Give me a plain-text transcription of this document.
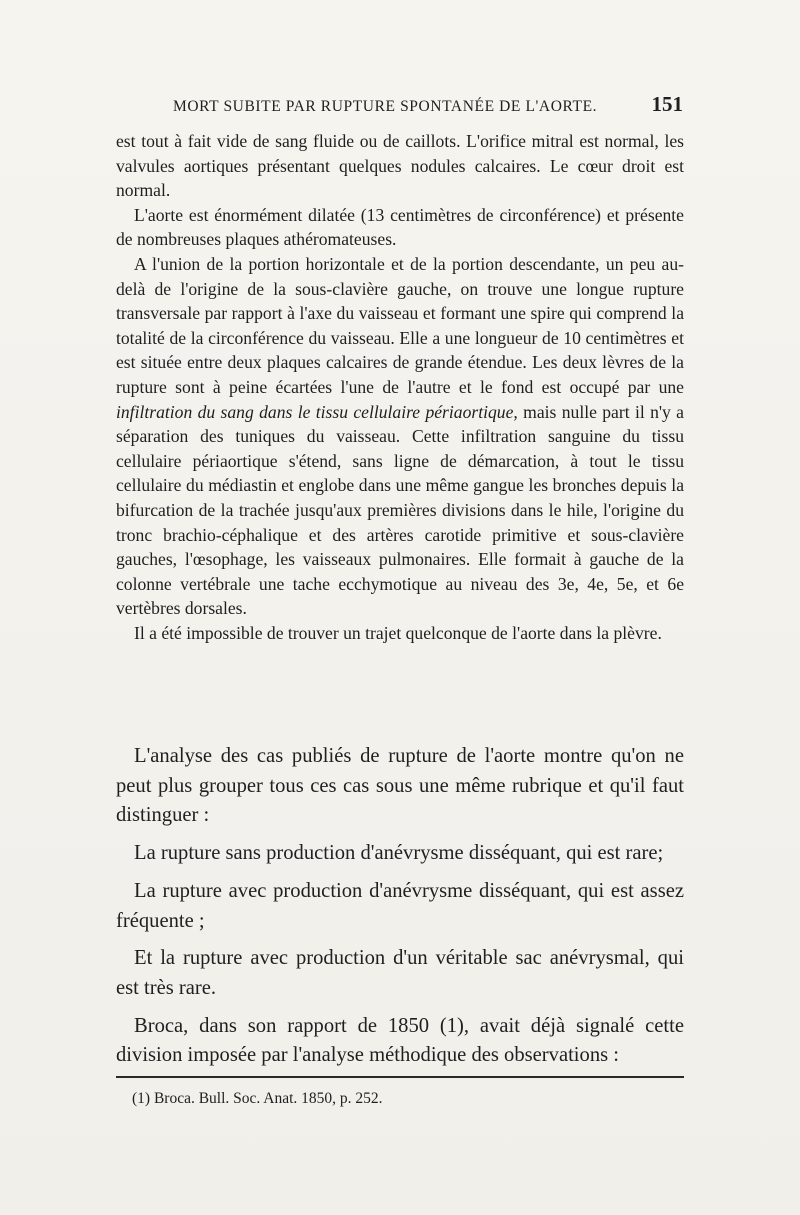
MORT SUBITE PAR RUPTURE SPONTANÉE DE L'AORTE.	151

est tout à fait vide de sang fluide ou de caillots. L'orifice mitral est normal, les valvules aortiques présentant quelques nodules calcaires. Le cœur droit est normal.

L'aorte est énormément dilatée (13 centimètres de circonférence) et présente de nombreuses plaques athéromateuses.

A l'union de la portion horizontale et de la portion descendante, un peu au-delà de l'origine de la sous-clavière gauche, on trouve une longue rupture transversale par rapport à l'axe du vaisseau et formant une spire qui comprend la totalité de la circonférence du vaisseau. Elle a une longueur de 10 centimètres et est située entre deux plaques calcaires de grande étendue. Les deux lèvres de la rupture sont à peine écartées l'une de l'autre et le fond est occupé par une infiltration du sang dans le tissu cellulaire périaortique, mais nulle part il n'y a séparation des tuniques du vaisseau. Cette infiltration sanguine du tissu cellulaire périaortique s'étend, sans ligne de démarcation, à tout le tissu cellulaire du médiastin et englobe dans une même gangue les bronches depuis la bifurcation de la trachée jusqu'aux premières divisions dans le hile, l'origine du tronc brachio-céphalique et des artères carotide primitive et sous-clavière gauches, l'œsophage, les vaisseaux pulmonaires. Elle formait à gauche de la colonne vertébrale une tache ecchymotique au niveau des 3e, 4e, 5e, et 6e vertèbres dorsales.

Il a été impossible de trouver un trajet quelconque de l'aorte dans la plèvre.

L'analyse des cas publiés de rupture de l'aorte montre qu'on ne peut plus grouper tous ces cas sous une même rubrique et qu'il faut distinguer :

La rupture sans production d'anévrysme disséquant, qui est rare;

La rupture avec production d'anévrysme disséquant, qui est assez fréquente ;

Et la rupture avec production d'un véritable sac anévrysmal, qui est très rare.

Broca, dans son rapport de 1850 (1), avait déjà signalé cette division imposée par l'analyse méthodique des observations :

(1) Broca. Bull. Soc. Anat. 1850, p. 252.
